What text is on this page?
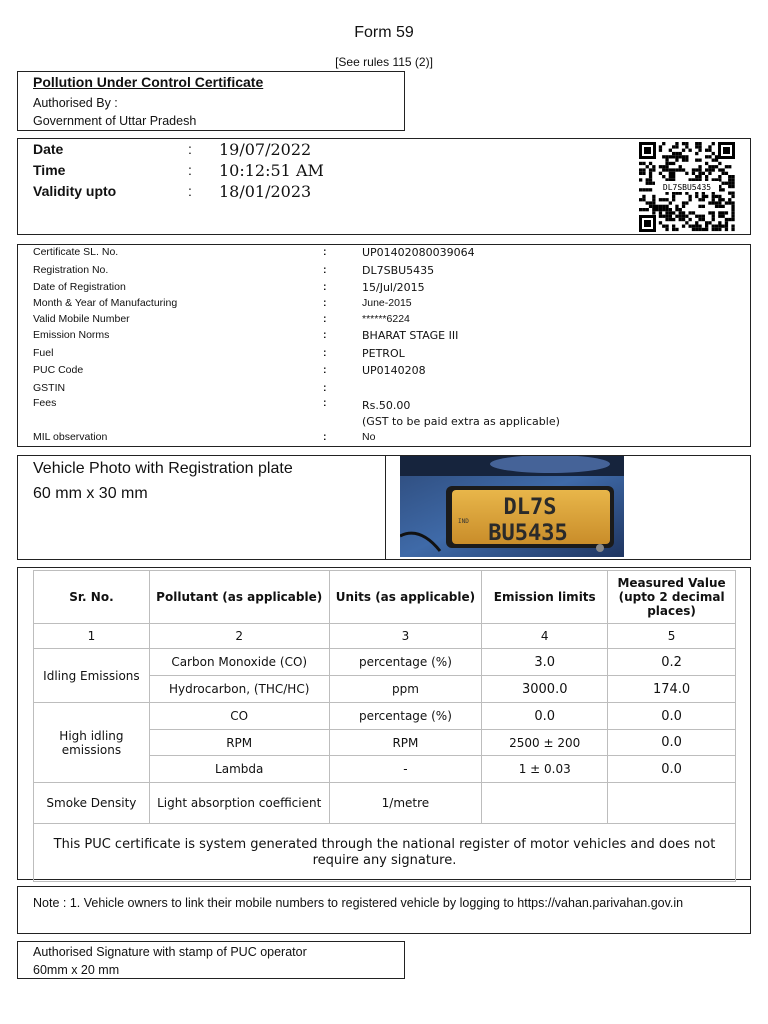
Form 59
[See rules 115 (2)]
Pollution Under Control Certificate
Authorised By :
Government of Uttar Pradesh
Date	: 19/07/2022
Time	: 10:12:51 AM
Validity upto	: 18/01/2023	DL7SBU5435
Certificate SL. No.	:	UP01402080039064
Registration No.	:	DL7SBU5435
Date of Registration	:	15/Jul/2015
Month & Year of Manufacturing	:	June-2015
Valid Mobile Number	:	******6224
Emission Norms	:	BHARAT STAGE III
Fuel	:	PETROL
PUC Code	:	UP0140208
GSTIN	:
Fees	:	Rs.50.00
(GST to be paid extra as applicable)
MIL observation	:	No
Vehicle Photo with Registration plate
60 mm x 30 mm
IND
DL7S
BU5435
Sr. No.	Pollutant (as applicable)	Units (as applicable)	Emission limits	Measured Value (upto 2 decimal places)
1	2	3	4	5
Idling Emissions	Carbon Monoxide (CO)	percentage (%)	3.0	0.2
	Hydrocarbon, (THC/HC)	ppm	3000.0	174.0
High idling emissions	CO	percentage (%)	0.0	0.0
	RPM	RPM	2500 ± 200	0.0
	Lambda	-	1 ± 0.03	0.0
Smoke Density	Light absorption coefficient	1/metre		
This PUC certificate is system generated through the national register of motor vehicles and does not require any signature.				
Note : 1. Vehicle owners to link their mobile numbers to registered vehicle by logging to https://vahan.parivahan.gov.in
Authorised Signature with stamp of PUC operator
60mm x 20 mm
